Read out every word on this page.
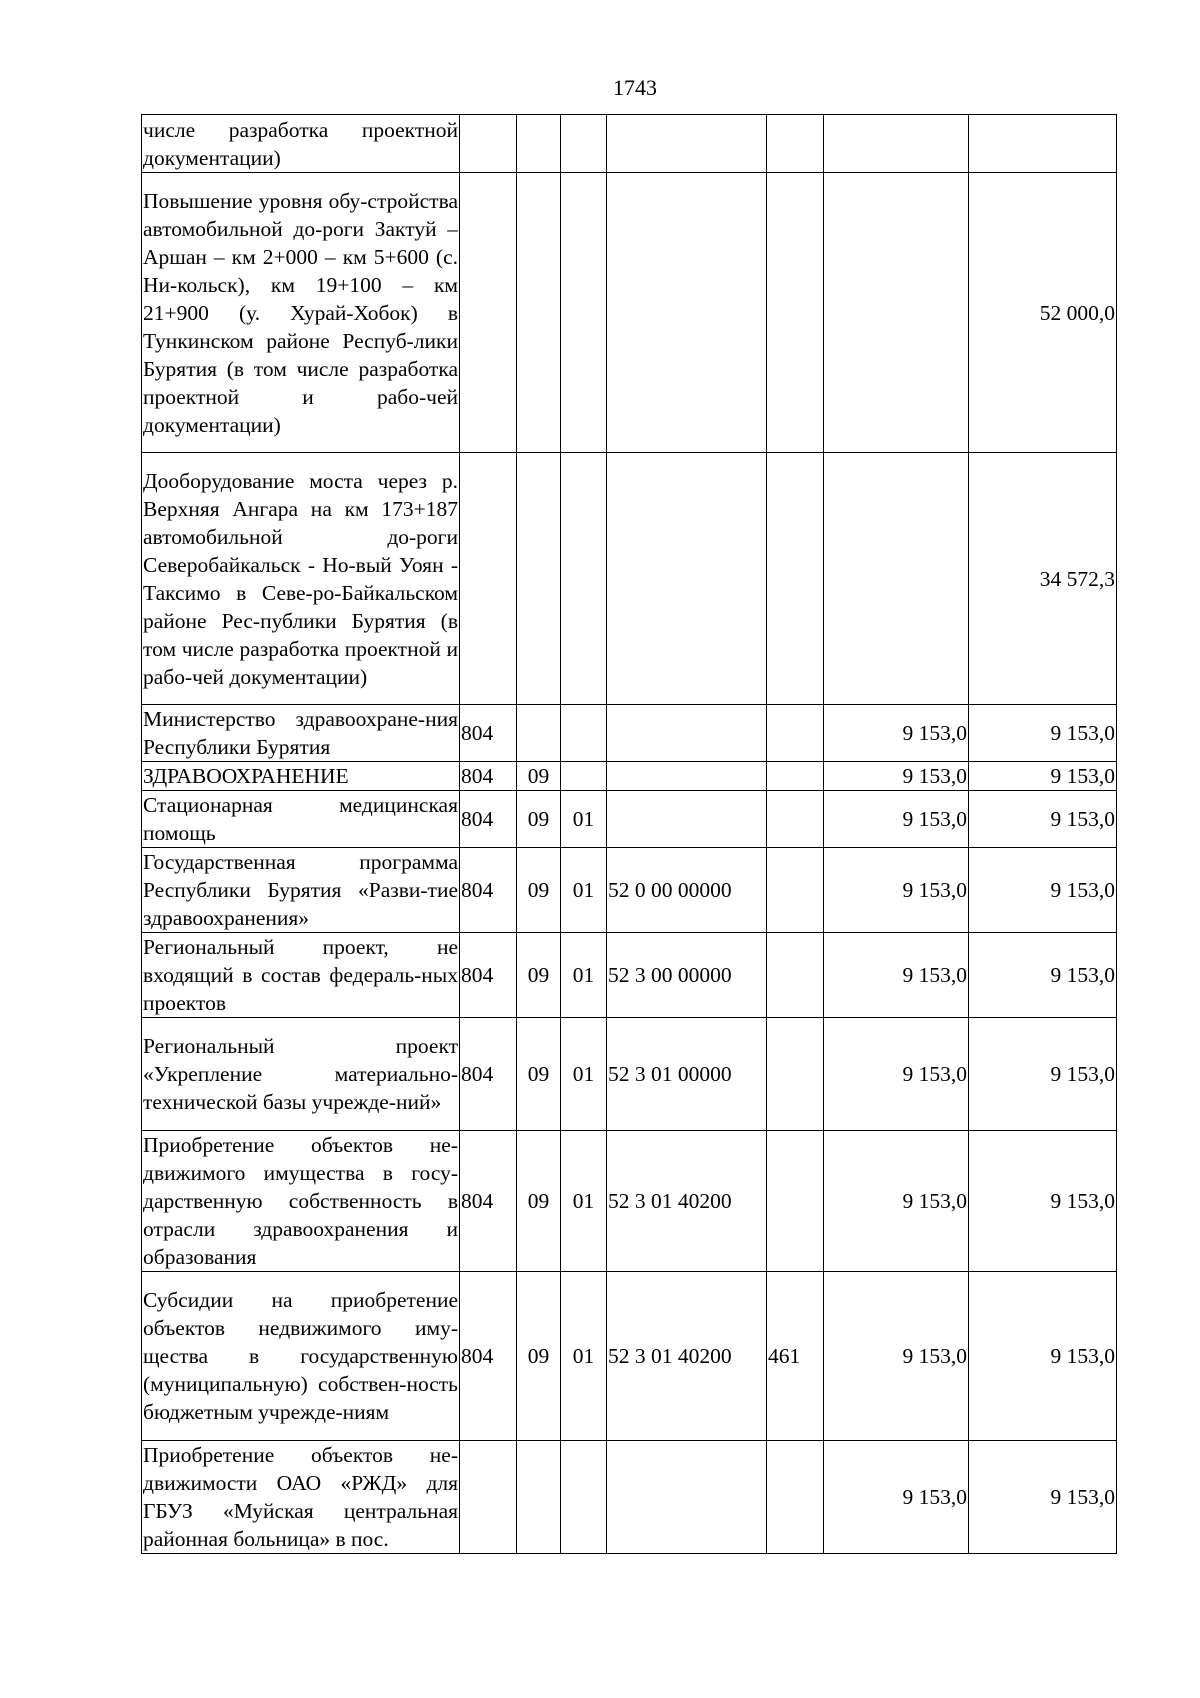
1743
числе разработка проектной документации)							
Повышение уровня обу-стройства автомобильной до-роги Зактуй – Аршан – км 2+000 – км 5+600 (с. Ни-кольск), км 19+100 – км 21+900 (у. Хурай-Хобок) в Тункинском районе Респуб-лики Бурятия (в том числе разработка проектной и рабо-чей документации)							52 000,0
Дооборудование моста через р. Верхняя Ангара на км 173+187 автомобильной до-роги Северобайкальск - Но-вый Уоян - Таксимо в Севе-ро-Байкальском районе Рес-публики Бурятия (в том числе разработка проектной и рабо-чей документации)							34 572,3
Министерство здравоохране-ния Республики Бурятия	804					9 153,0	9 153,0
ЗДРАВООХРАНЕНИЕ	804	09				9 153,0	9 153,0
Стационарная медицинская помощь	804	09	01			9 153,0	9 153,0
Государственная программа Республики Бурятия «Разви-тие здравоохранения»	804	09	01	52 0 00 00000		9 153,0	9 153,0
Региональный проект, не входящий в состав федераль-ных проектов	804	09	01	52 3 00 00000		9 153,0	9 153,0
Региональный проект «Укрепление материально-технической базы учрежде-ний»	804	09	01	52 3 01 00000		9 153,0	9 153,0
Приобретение объектов не-движимого имущества в госу-дарственную собственность в отрасли здравоохранения и образования	804	09	01	52 3 01 40200		9 153,0	9 153,0
Субсидии на приобретение объектов недвижимого иму-щества в государственную (муниципальную) собствен-ность бюджетным учрежде-ниям	804	09	01	52 3 01 40200	461	9 153,0	9 153,0
Приобретение объектов не-движимости ОАО «РЖД» для ГБУЗ «Муйская центральная районная больница» в пос.						9 153,0	9 153,0
